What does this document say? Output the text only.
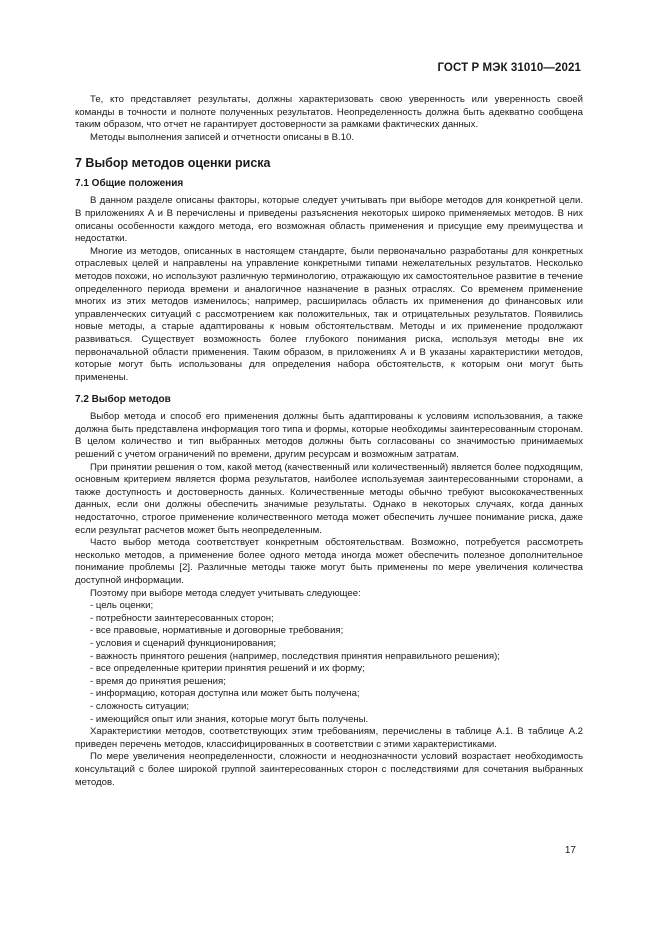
ГОСТ Р МЭК 31010—2021

Те, кто представляет результаты, должны характеризовать свою уверенность или уверенность своей команды в точности и полноте полученных результатов. Неопределенность должна быть адекватно сообщена таким образом, что отчет не гарантирует достоверности за рамками фактических данных.

Методы выполнения записей и отчетности описаны в В.10.

7 Выбор методов оценки риска
7.1 Общие положения

В данном разделе описаны факторы, которые следует учитывать при выборе методов для конкретной цели. В приложениях А и В перечислены и приведены разъяснения некоторых широко применяемых методов. В них описаны особенности каждого метода, его возможная область применения и присущие ему преимущества и недостатки.

Многие из методов, описанных в настоящем стандарте, были первоначально разработаны для конкретных отраслевых целей и направлены на управление конкретными типами нежелательных результатов. Несколько методов похожи, но используют различную терминологию, отражающую их самостоятельное развитие в течение определенного периода времени и аналогичное назначение в разных отраслях. Со временем применение многих из этих методов изменилось; например, расширилась область их применения до финансовых или управленческих ситуаций с рассмотрением как положительных, так и отрицательных результатов. Появились новые методы, а старые адаптированы к новым обстоятельствам. Методы и их применение продолжают развиваться. Существует возможность более глубокого понимания риска, используя методы вне их первоначальной области применения. Таким образом, в приложениях А и В указаны характеристики методов, которые могут быть использованы для определения набора обстоятельств, к которым они могут быть применены.

7.2 Выбор методов

Выбор метода и способ его применения должны быть адаптированы к условиям использования, а также должна быть представлена информация того типа и формы, которые необходимы заинтересованным сторонам. В целом количество и тип выбранных методов должны быть согласованы со значимостью принимаемых решений с учетом ограничений по времени, другим ресурсам и возможным затратам.

При принятии решения о том, какой метод (качественный или количественный) является более подходящим, основным критерием является форма результатов, наиболее используемая заинтересованными сторонами, а также доступность и достоверность данных. Количественные методы обычно требуют высококачественных данных, если они должны обеспечить значимые результаты. Однако в некоторых случаях, когда данных недостаточно, строгое применение количественного метода может обеспечить лучшее понимание риска, даже если результат расчетов может быть неопределенным.

Часто выбор метода соответствует конкретным обстоятельствам. Возможно, потребуется рассмотреть несколько методов, а применение более одного метода иногда может обеспечить полезное дополнительное понимание проблемы [2]. Различные методы также могут быть применены по мере увеличения количества доступной информации.

Поэтому при выборе метода следует учитывать следующее:

- цель оценки;
- потребности заинтересованных сторон;
- все правовые, нормативные и договорные требования;
- условия и сценарий функционирования;
- важность принятого решения (например, последствия принятия неправильного решения);
- все определенные критерии принятия решений и их форму;
- время до принятия решения;
- информацию, которая доступна или может быть получена;
- сложность ситуации;
- имеющийся опыт или знания, которые могут быть получены.

Характеристики методов, соответствующих этим требованиям, перечислены в таблице А.1. В таблице А.2 приведен перечень методов, классифицированных в соответствии с этими характеристиками.

По мере увеличения неопределенности, сложности и неоднозначности условий возрастает необходимость консультаций с более широкой группой заинтересованных сторон с последствиями для сочетания выбранных методов.

17
